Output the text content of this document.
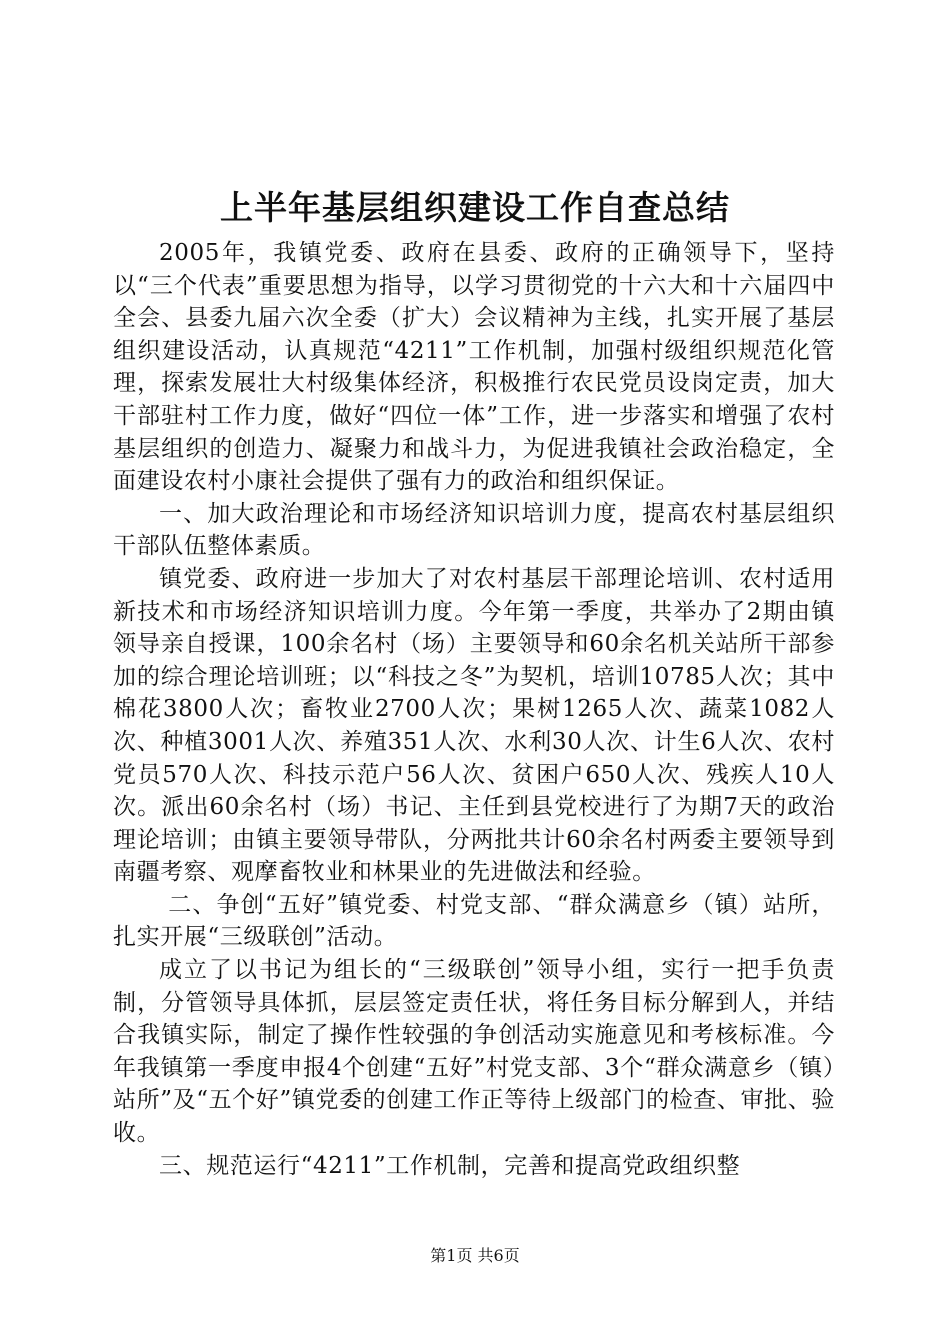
上半年基层组织建设工作自查总结

2005年，我镇党委、政府在县委、政府的正确领导下，坚持以“三个代表”重要思想为指导，以学习贯彻党的十六大和十六届四中全会、县委九届六次全委（扩大）会议精神为主线，扎实开展了基层组织建设活动，认真规范“4211”工作机制，加强村级组织规范化管理，探索发展壮大村级集体经济，积极推行农民党员设岗定责，加大干部驻村工作力度，做好“四位一体”工作，进一步落实和增强了农村基层组织的创造力、凝聚力和战斗力，为促进我镇社会政治稳定，全面建设农村小康社会提供了强有力的政治和组织保证。

一、加大政治理论和市场经济知识培训力度，提高农村基层组织干部队伍整体素质。

镇党委、政府进一步加大了对农村基层干部理论培训、农村适用新技术和市场经济知识培训力度。今年第一季度，共举办了2期由镇领导亲自授课，100余名村（场）主要领导和60余名机关站所干部参加的综合理论培训班；以“科技之冬”为契机，培训10785人次；其中棉花3800人次；畜牧业2700人次；果树1265人次、蔬菜1082人次、种植3001人次、养殖351人次、水利30人次、计生6人次、农村党员570人次、科技示范户56人次、贫困户650人次、残疾人10人次。派出60余名村（场）书记、主任到县党校进行了为期7天的政治理论培训；由镇主要领导带队，分两批共计60余名村两委主要领导到南疆考察、观摩畜牧业和林果业的先进做法和经验。

二、争创“五好”镇党委、村党支部、“群众满意乡（镇）站所，扎实开展“三级联创”活动。

成立了以书记为组长的“三级联创”领导小组，实行一把手负责制，分管领导具体抓，层层签定责任状，将任务目标分解到人，并结合我镇实际，制定了操作性较强的争创活动实施意见和考核标准。今年我镇第一季度申报4个创建“五好”村党支部、3个“群众满意乡（镇）站所”及“五个好”镇党委的创建工作正等待上级部门的检查、审批、验收。

三、规范运行“4211”工作机制，完善和提高党政组织整

第1页 共6页
